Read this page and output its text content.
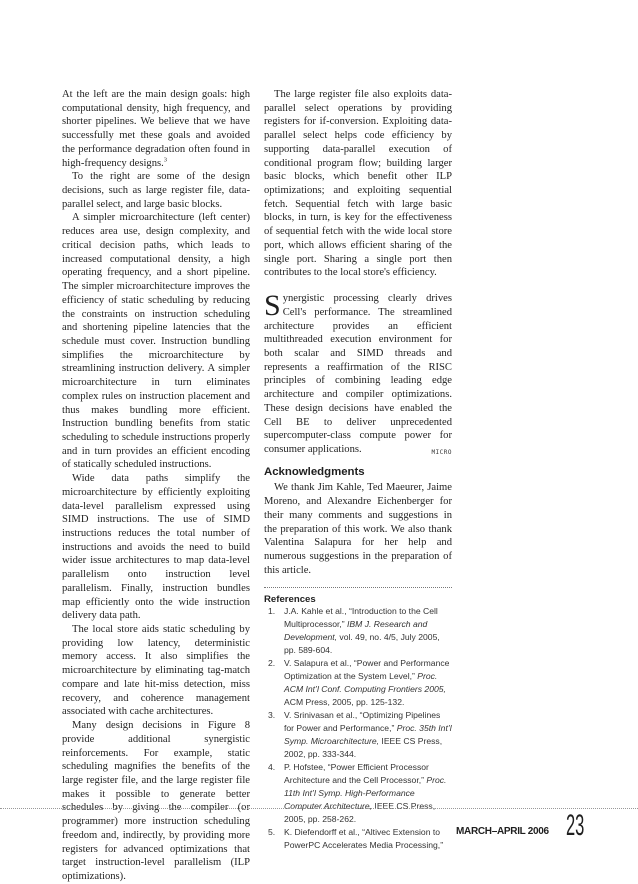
At the left are the main design goals: high computational density, high frequency, and shorter pipelines. We believe that we have successfully met these goals and avoided the performance degradation often found in high-frequency designs.$^3$

To the right are some of the design decisions, such as large register file, data-parallel select, and large basic blocks.

A simpler microarchitecture (left center) reduces area use, design complexity, and critical decision paths, which leads to increased computational density, a high operating frequency, and a short pipeline. The simpler microarchitecture improves the efficiency of static scheduling by reducing the constraints on instruction scheduling and shortening pipeline latencies that the schedule must cover. Instruction bundling simplifies the microarchitecture by streamlining instruction delivery. A simpler microarchitecture in turn eliminates complex rules on instruction placement and thus makes bundling more efficient. Instruction bundling benefits from static scheduling to schedule instructions properly and in turn provides an efficient encoding of statically scheduled instructions.

Wide data paths simplify the microarchitecture by efficiently exploiting data-level parallelism expressed using SIMD instructions. The use of SIMD instructions reduces the total number of instructions and avoids the need to build wider issue architectures to map data-level parallelism onto instruction level parallelism. Finally, instruction bundles map efficiently onto the wide instruction delivery data path.

The local store aids static scheduling by providing low latency, deterministic memory access. It also simplifies the microarchitecture by eliminating tag-match compare and late hit-miss detection, miss recovery, and coherence management associated with cache architectures.

Many design decisions in Figure 8 provide additional synergistic reinforcements. For example, static scheduling magnifies the benefits of the large register file, and the large register file makes it possible to generate better schedules by giving the compiler (or programmer) more instruction scheduling freedom and, indirectly, by providing more registers for advanced optimizations that target instruction-level parallelism (ILP optimizations).

The large register file also exploits data-parallel select operations by providing registers for if-conversion. Exploiting data-parallel select helps code efficiency by supporting data-parallel execution of conditional program flow; building larger basic blocks, which benefit other ILP optimizations; and exploiting sequential fetch. Sequential fetch with large basic blocks, in turn, is key for the effectiveness of sequential fetch with the wide local store port, which allows efficient sharing of the single port. Sharing a single port then contributes to the local store's efficiency.

Synergistic processing clearly drives Cell's performance. The streamlined architecture provides an efficient multithreaded execution environment for both scalar and SIMD threads and represents a reaffirmation of the RISC principles of combining leading edge architecture and compiler optimizations. These design decisions have enabled the Cell BE to deliver unprecedented supercomputer-class compute power for consumer applications.	MICRO

Acknowledgments

We thank Jim Kahle, Ted Maeurer, Jaime Moreno, and Alexandre Eichenberger for their many comments and suggestions in the preparation of this work. We also thank Valentina Salapura for her help and numerous suggestions in the preparation of this article.

References
1. J.A. Kahle et al., “Introduction to the Cell Multiprocessor,” IBM J. Research and Development, vol. 49, no. 4/5, July 2005, pp. 589-604.
2. V. Salapura et al., “Power and Performance Optimization at the System Level,” Proc. ACM Int’l Conf. Computing Frontiers 2005, ACM Press, 2005, pp. 125-132.
3. V. Srinivasan et al., “Optimizing Pipelines for Power and Performance,” Proc. 35th Int’l Symp. Microarchitecture, IEEE CS Press, 2002, pp. 333-344.
4. P. Hofstee, “Power Efficient Processor Architecture and the Cell Processor,” Proc. 11th Int’l Symp. High-Performance Computer Architecture, IEEE CS Press, 2005, pp. 258-262.
5. K. Diefendorff et al., “Altivec Extension to PowerPC Accelerates Media Processing,”
MARCH–APRIL 2006 23
